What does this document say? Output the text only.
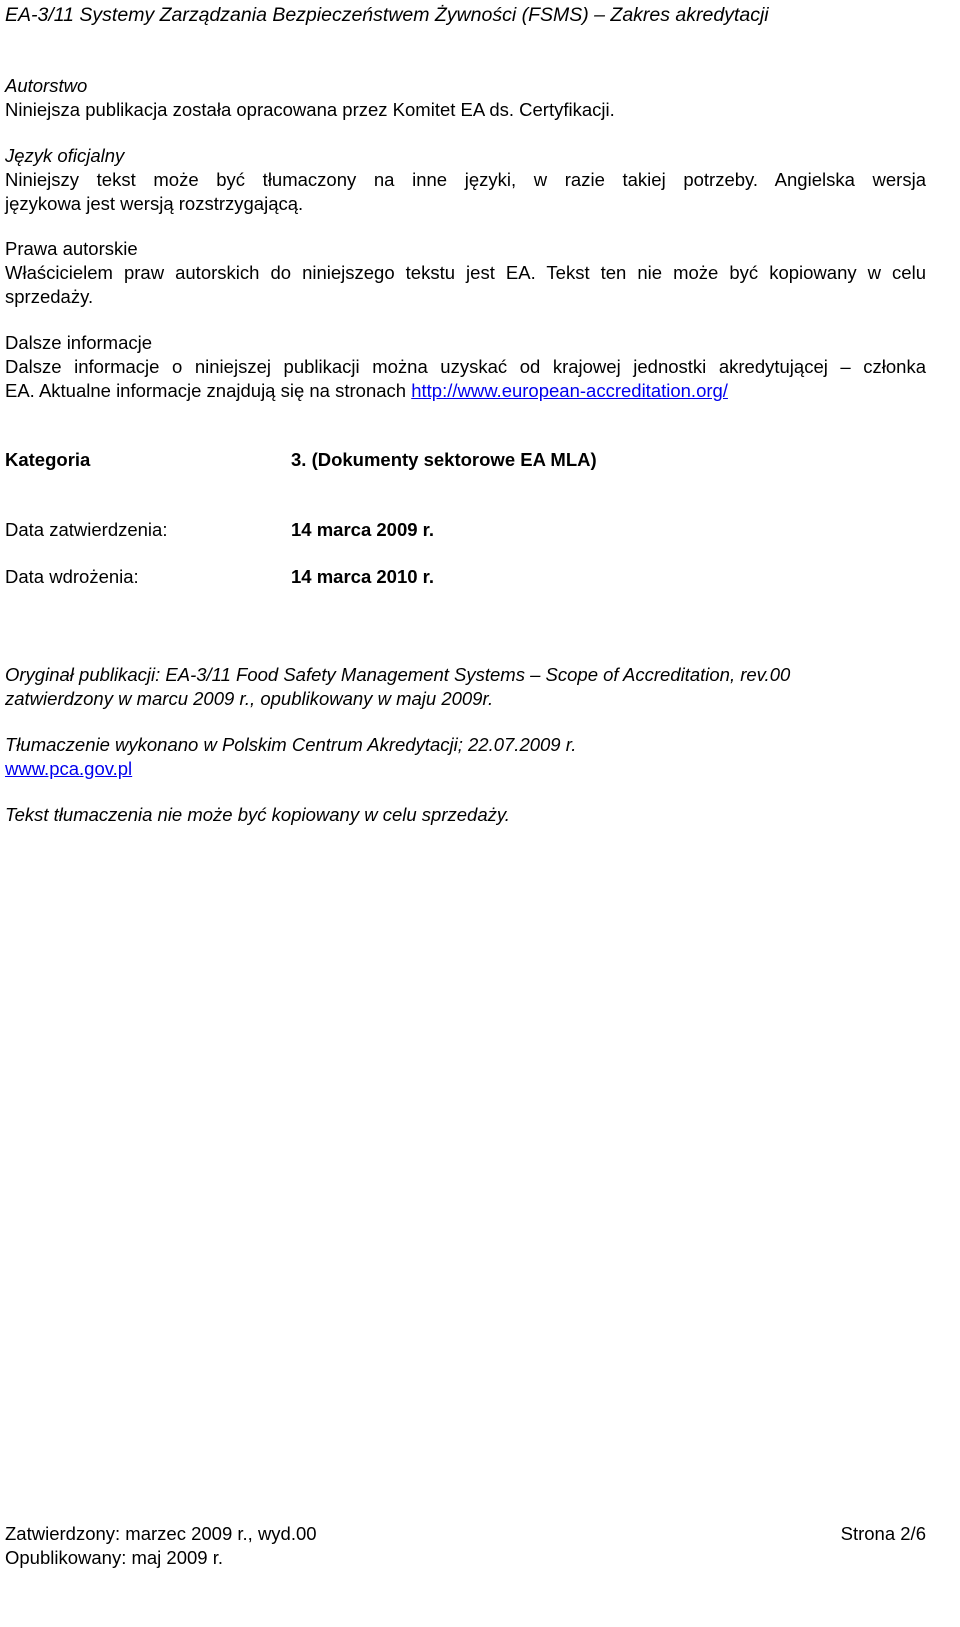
EA-3/11 Systemy Zarządzania Bezpieczeństwem Żywności (FSMS) – Zakres akredytacji
Autorstwo
Niniejsza publikacja została opracowana przez Komitet EA ds. Certyfikacji.
Język oficjalny
Niniejszy tekst może być tłumaczony na inne języki, w razie takiej potrzeby. Angielska wersja
językowa jest wersją rozstrzygającą.
Prawa autorskie
Właścicielem praw autorskich do niniejszego tekstu jest EA. Tekst ten nie może być kopiowany w celu
sprzedaży.
Dalsze informacje
Dalsze informacje o niniejszej publikacji można uzyskać od krajowej jednostki akredytującej – członka
EA. Aktualne informacje znajdują się na stronach http://www.european-accreditation.org/
Kategoria	3. (Dokumenty sektorowe EA MLA)
Data zatwierdzenia:	14 marca 2009 r.
Data wdrożenia:	14 marca 2010 r.
Oryginał publikacji: EA-3/11 Food Safety Management Systems – Scope of Accreditation, rev.00
zatwierdzony w marcu 2009 r., opublikowany w maju 2009r.
Tłumaczenie wykonano w Polskim Centrum Akredytacji; 22.07.2009 r.
www.pca.gov.pl
Tekst tłumaczenia nie może być kopiowany w celu sprzedaży.
Zatwierdzony: marzec 2009 r., wyd.00	Strona 2/6
Opublikowany: maj 2009 r.
